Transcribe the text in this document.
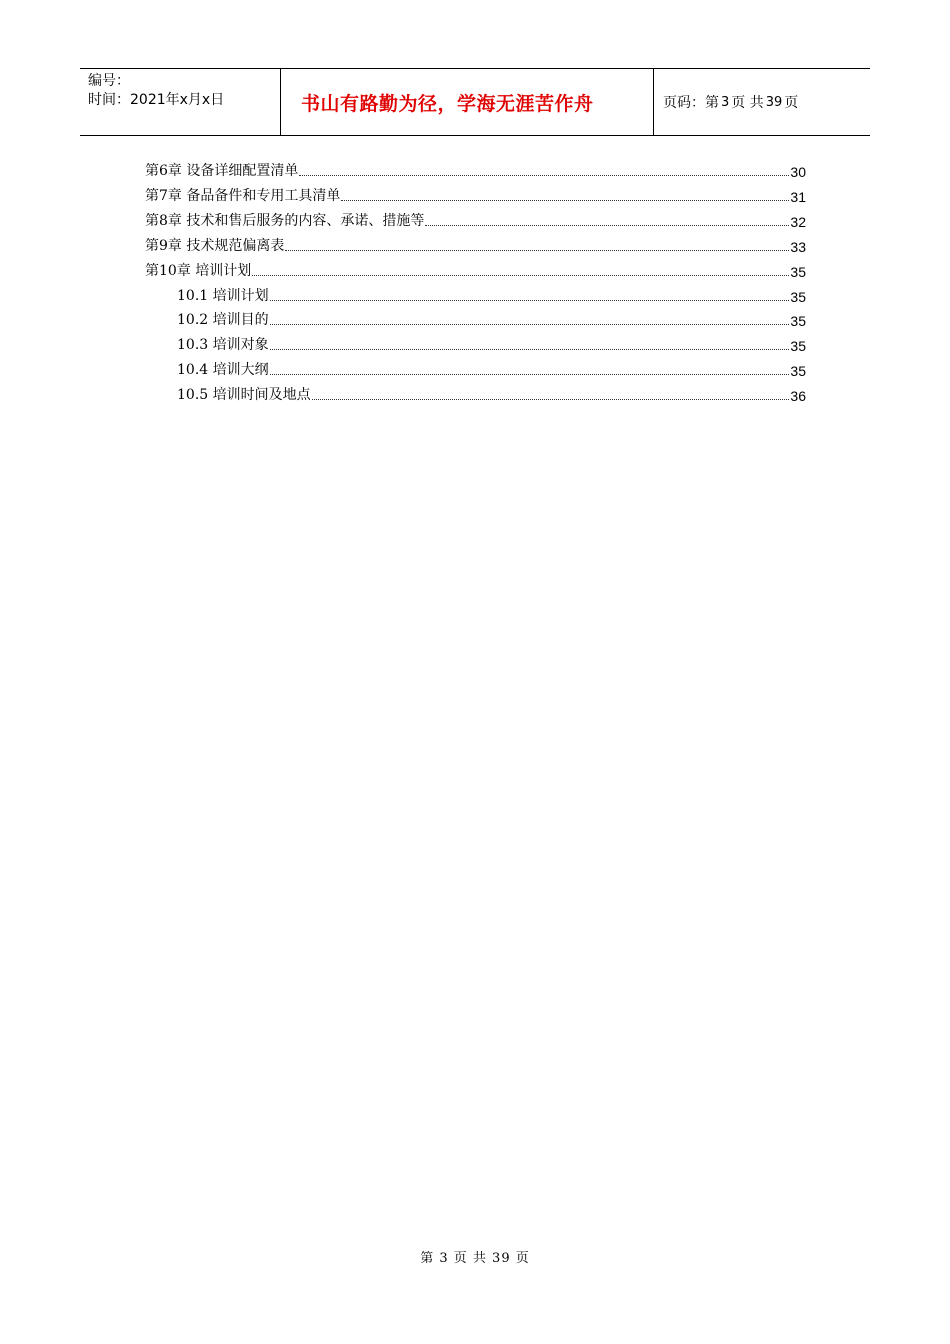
编号：
时间：2021年x月x日	书山有路勤为径，学海无涯苦作舟	页码：第 3 页 共 39 页
第6章 设备详细配置清单	30
第7章 备品备件和专用工具清单	31
第8章 技术和售后服务的内容、承诺、措施等	32
第9章 技术规范偏离表	33
第10章 培训计划	35
10.1 培训计划	35
10.2 培训目的	35
10.3 培训对象	35
10.4 培训大纲	35
10.5 培训时间及地点	36
第 3 页 共 39 页
